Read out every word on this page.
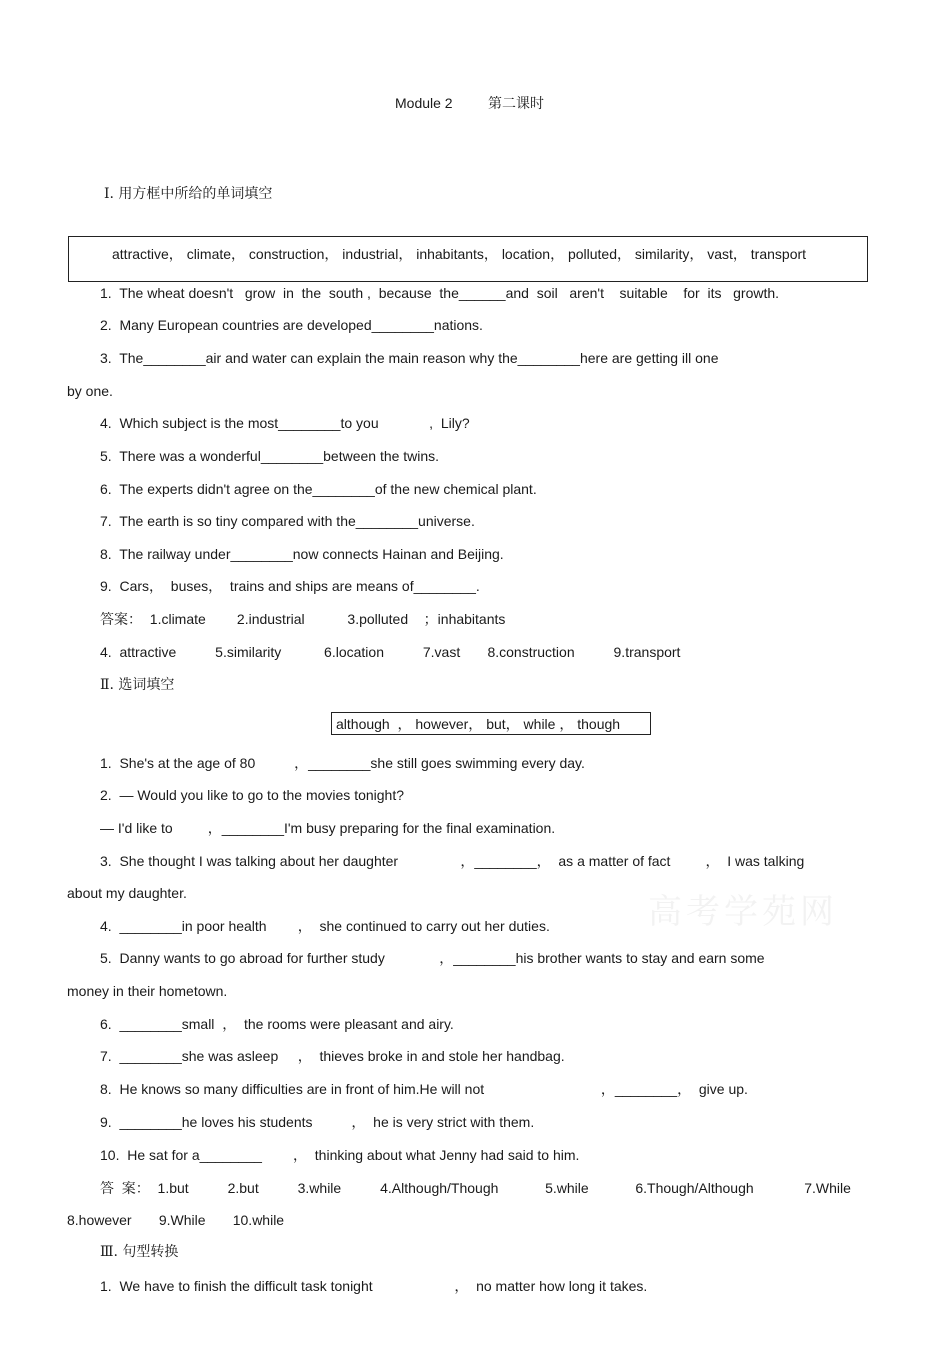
Module 2	第二课时
Ⅰ. 用方框中所给的单词填空
attractive， climate， construction， industrial， inhabitants， location， polluted， similarity， vast， transport
1.  The wheat doesn't   grow  in  the  south ,  because  the______and  soil   aren't    suitable    for  its   growth.
2.  Many European countries are developed________nations.
3.  The________air and water can explain the main reason why the________here are getting ill one
by one.
4.  Which subject is the most________to you             ,  Lily?
5.  There was a wonderful________between the twins.
6.  The experts didn't agree on the________of the new chemical plant.
7.  The earth is so tiny compared with the________universe.
8.  The railway under________now connects Hainan and Beijing.
9.  Cars，  buses，  trains and ships are means of________.
答案：  1.climate        2.industrial           3.polluted    ；inhabitants
4.  attractive          5.similarity           6.location          7.vast       8.construction          9.transport
Ⅱ. 选词填空
although  ， however， but， while ， though
1.  She's at the age of 80          ，________she still goes swimming every day.
2.  — Would you like to go to the movies tonight?
— I'd like to         ，________I'm busy preparing for the final examination.
3.  She thought I was talking about her daughter                ，________，  as a matter of fact         ，  I was talking
about my daughter.
4.  ________in poor health        ，  she continued to carry out her duties.
5.  Danny wants to go abroad for further study              ，________his brother wants to stay and earn some
money in their hometown.
6.  ________small  ，  the rooms were pleasant and airy.
7.  ________she was asleep     ，  thieves broke in and stole her handbag.
8.  He knows so many difficulties are in front of him.He will not                              ，________，  give up.
9.  ________he loves his students          ，  he is very strict with them.
10.  He sat for a________        ，  thinking about what Jenny had said to him.
答  案：  1.but          2.but          3.while          4.Although/Though            5.while            6.Though/Although             7.While
8.however       9.While       10.while
Ⅲ. 句型转换
1.  We have to finish the difficult task tonight                     ，  no matter how long it takes.
高考学苑网
